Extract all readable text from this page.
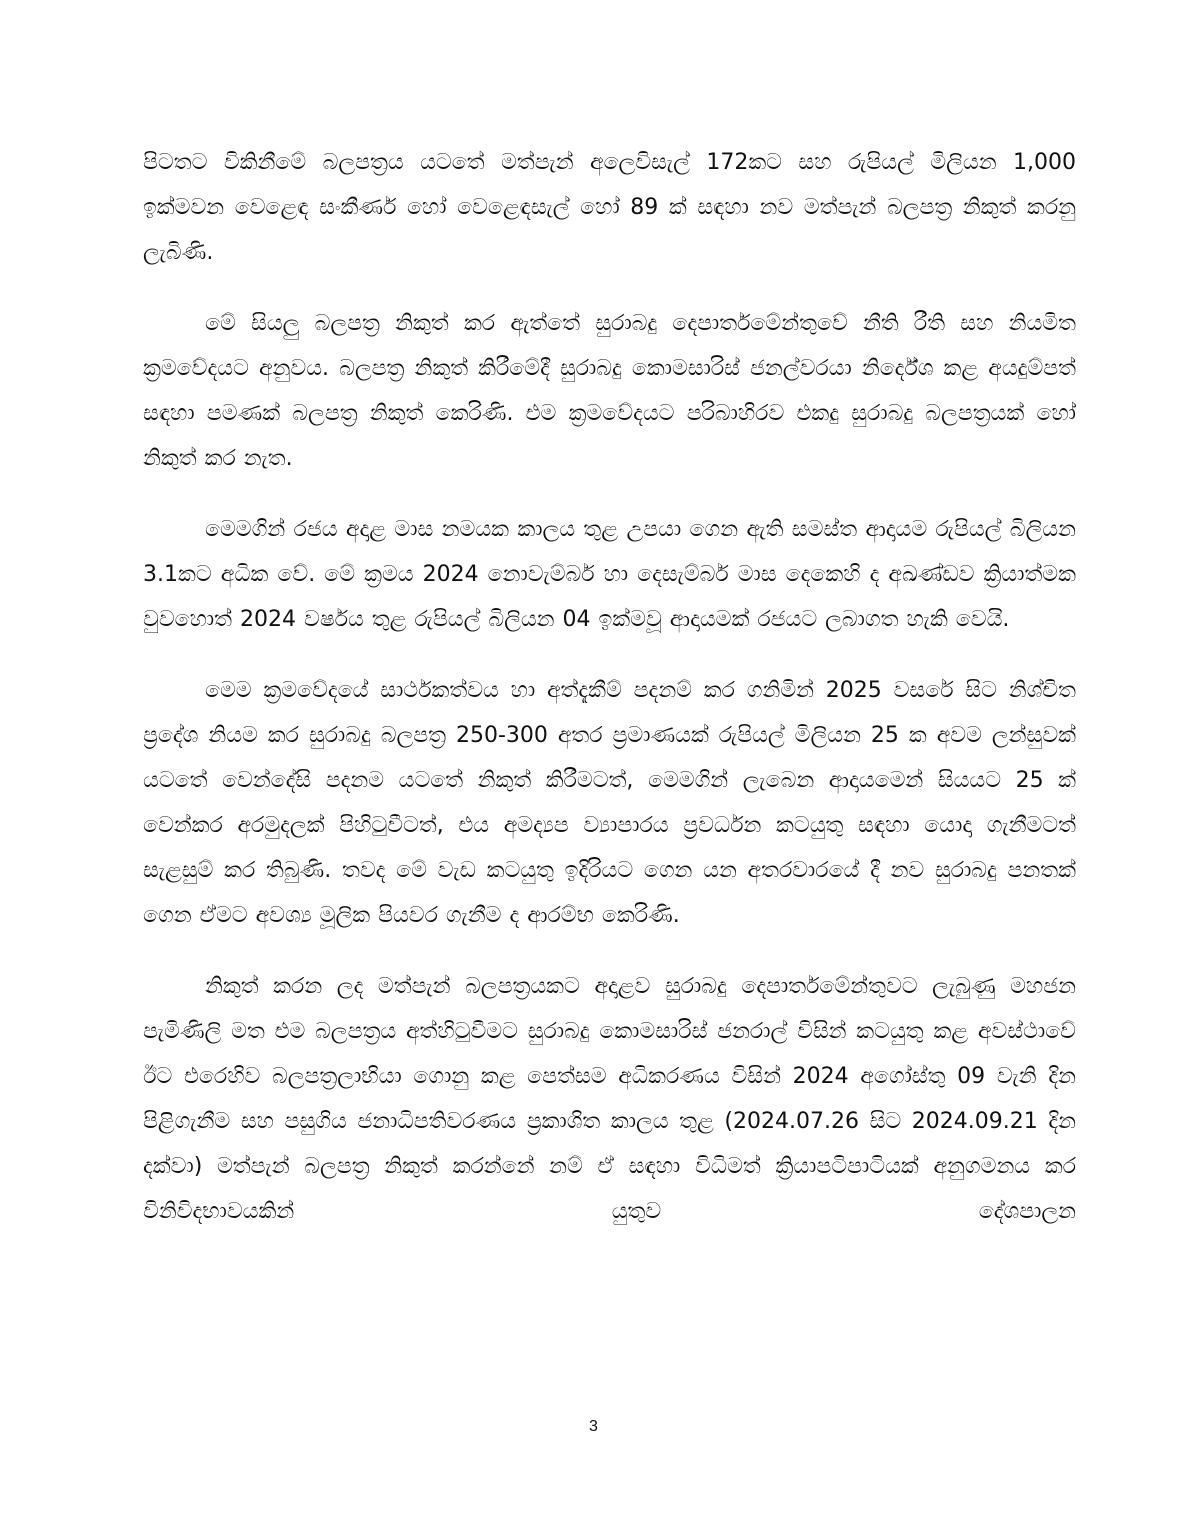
පිටතට විකිනීමේ බලපත්‍රය යටතේ මත්පැන් අලෙවිසැල් 172කට සහ රුපියල් මිලියන 1,000 ඉක්මවන වෙළෙඳ සංකීර්ණ හෝ වෙළෙඳසැල් හෝ 89 ක් සඳහා නව මත්පැන් බලපත්‍ර නිකුත් කරනු ලැබිණි.

මේ සියලු බලපත්‍ර නිකුත් කර ඇත්තේ සුරාබදු දෙපාර්තමේන්තුවේ නීති රීති සහ නියමිත ක්‍රමවේදයට අනුවය. බලපත්‍ර නිකුත් කිරීමේදී සුරාබදු කොමසාරිස් ජනල්වරයා නිර්දේශ කළ අයදුම්පත් සඳහා පමණක් බලපත්‍ර නිකුත් කෙරිණි. එම ක්‍රමවේදයට පරිබාහිරව එකදු සුරාබදු බලපත්‍රයක් හෝ නිකුත් කර නැත.

මෙමගින් රජය අදාළ මාස නමයක කාලය තුළ උපයා ගෙන ඇති සමස්ත ආදායම රුපියල් බිලියන 3.1කට අධික වේ. මේ ක්‍රමය 2024 නොවැම්බර් හා දෙසැම්බර් මාස දෙකෙහි ද අඛණ්ඩව ක්‍රියාත්මක වුවහොත් 2024 වර්ෂය තුළ රුපියල් බිලියන 04 ඉක්මවූ ආදායමක් රජයට ලබාගත හැකි වෙයි.

මෙම ක්‍රමවේදයේ සාර්ථකත්වය හා අත්දැකීම් පදනම් කර ගනිමින් 2025 වසරේ සිට නිශ්චිත ප්‍රදේශ නියම කර සුරාබදු බලපත්‍ර 250-300 අතර ප්‍රමාණයක් රුපියල් මිලියන 25 ක අවම ලන්සුවක් යටතේ වෙන්දේසි පදනම යටතේ නිකුත් කිරීමටත්, මෙමගින් ලැබෙන ආදායමෙන් සියයට 25 ක් වෙන්කර අරමුදලක් පිහිටුවීටත්, එය අමද්‍යප ව්‍යාපාරය ප්‍රවර්ධන කටයුතු සඳහා යොදා ගැනීමටත් සැළසුම් කර තිබුණි. තවද මේ වැඩ කටයුතු ඉදිරියට ගෙන යන අතරවාරයේ දී නව සුරාබදු පනතක් ගෙන ඒමට අවශ්‍ය මූලික පියවර ගැනීම ද ආරම්භ කෙරිණි.

නිකුත් කරන ලද මත්පැන් බලපත්‍රයකට අදාළව සුරාබදු දෙපාර්තමේන්තුවට ලැබුණු මහජන පැමිණිලි මත එම බලපත්‍රය අත්හිටුවීමට සුරාබදු කොමසාරිස් ජනරාල් විසින් කටයුතු කළ අවස්ථාවේ ඊට එරෙහිව බලපත්‍රලාභියා ගොනු කළ පෙත්සම අධිකරණය විසින් 2024 අගෝස්තු 09 වැනි දින පිළිගැනීම සහ පසුගිය ජනාධිපතිවරණය ප්‍රකාශිත කාලය තුළ (2024.07.26 සිට 2024.09.21 දින දක්වා) මත්පැන් බලපත්‍ර නිකුත් කරන්නේ නම් ඒ සඳහා විධිමත් ක්‍රියාපටිපාටියක් අනුගමනය කර විනිවිදභාවයකින් යුතුව දේශපාලන

3
